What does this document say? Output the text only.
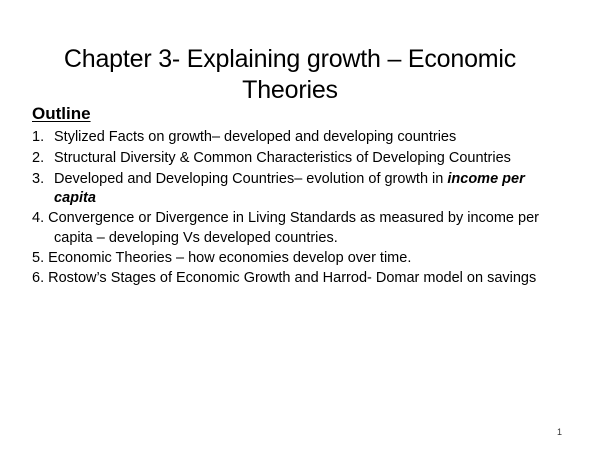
Chapter 3- Explaining growth – Economic
Theories
Outline
1. Stylized Facts on growth– developed and developing countries
2. Structural Diversity & Common Characteristics of Developing Countries
3. Developed and Developing Countries– evolution of growth in income per
capita
4. Convergence or Divergence in Living Standards as measured by income per
capita – developing Vs developed countries.
5. Economic Theories – how economies develop over time.
6. Rostow’s Stages of Economic Growth and Harrod- Domar model on savings
1
